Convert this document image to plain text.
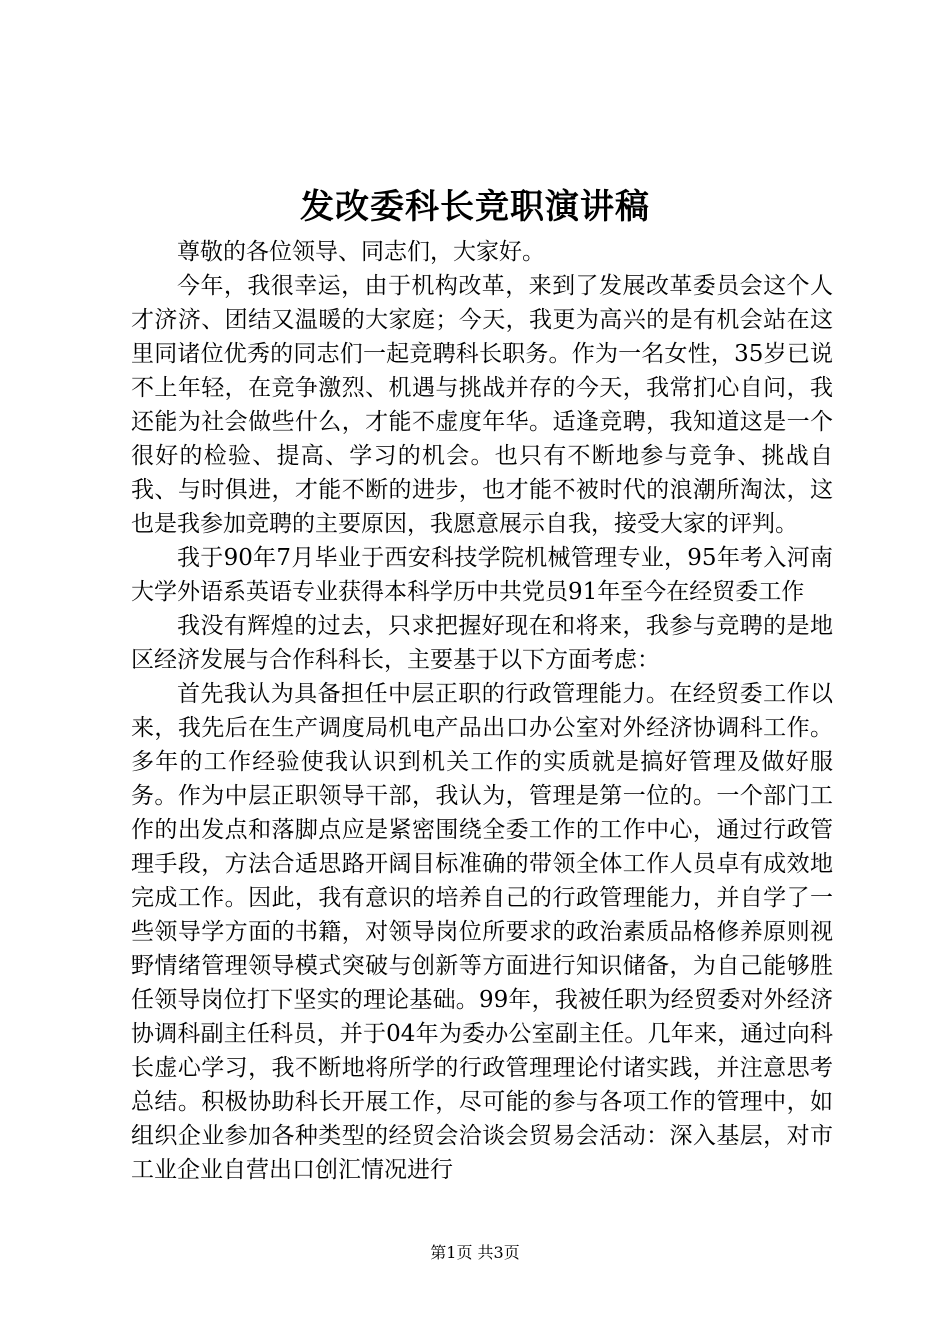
发改委科长竞职演讲稿

尊敬的各位领导、同志们，大家好。

今年，我很幸运，由于机构改革，来到了发展改革委员会这个人才济济、团结又温暖的大家庭；今天，我更为高兴的是有机会站在这里同诸位优秀的同志们一起竞聘科长职务。作为一名女性，35岁已说不上年轻，在竞争激烈、机遇与挑战并存的今天，我常扪心自问，我还能为社会做些什么，才能不虚度年华。适逢竞聘，我知道这是一个很好的检验、提高、学习的机会。也只有不断地参与竞争、挑战自我、与时俱进，才能不断的进步，也才能不被时代的浪潮所淘汰，这也是我参加竞聘的主要原因，我愿意展示自我，接受大家的评判。

我于90年7月毕业于西安科技学院机械管理专业，95年考入河南大学外语系英语专业获得本科学历中共党员91年至今在经贸委工作

我没有辉煌的过去，只求把握好现在和将来，我参与竞聘的是地区经济发展与合作科科长，主要基于以下方面考虑：

首先我认为具备担任中层正职的行政管理能力。在经贸委工作以来，我先后在生产调度局机电产品出口办公室对外经济协调科工作。多年的工作经验使我认识到机关工作的实质就是搞好管理及做好服务。作为中层正职领导干部，我认为，管理是第一位的。一个部门工作的出发点和落脚点应是紧密围绕全委工作的工作中心，通过行政管理手段，方法合适思路开阔目标准确的带领全体工作人员卓有成效地完成工作。因此，我有意识的培养自己的行政管理能力，并自学了一些领导学方面的书籍，对领导岗位所要求的政治素质品格修养原则视野情绪管理领导模式突破与创新等方面进行知识储备，为自己能够胜任领导岗位打下坚实的理论基础。99年，我被任职为经贸委对外经济协调科副主任科员，并于04年为委办公室副主任。几年来，通过向科长虚心学习，我不断地将所学的行政管理理论付诸实践，并注意思考总结。积极协助科长开展工作，尽可能的参与各项工作的管理中，如组织企业参加各种类型的经贸会洽谈会贸易会活动：深入基层，对市工业企业自营出口创汇情况进行

第1页 共3页
